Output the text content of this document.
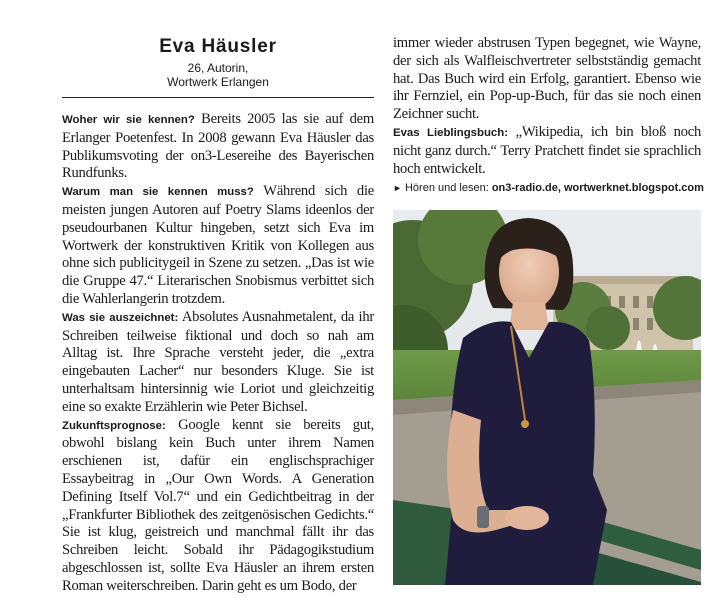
Eva Häusler
26, Autorin,
Wortwerk Erlangen

Woher wir sie kennen? Bereits 2005 las sie auf dem Erlanger Poetenfest. In 2008 gewann Eva Häusler das Publikumsvoting der on3-Lesereihe des Bayerischen Rundfunks.

Warum man sie kennen muss? Während sich die meisten jungen Autoren auf Poetry Slams ideenlos der pseudourbanen Kultur hingeben, setzt sich Eva im Wortwerk der konstruktiven Kritik von Kollegen aus ohne sich publicitygeil in Szene zu setzen. „Das ist wie die Gruppe 47.“ Literarischen Snobismus verbittet sich die Wahlerlangerin trotzdem.

Was sie auszeichnet: Absolutes Ausnahmetalent, da ihr Schreiben teilweise fiktional und doch so nah am Alltag ist. Ihre Sprache versteht jeder, die „extra eingebauten Lacher“ nur besonders Kluge. Sie ist unterhaltsam hintersinnig wie Loriot und gleichzeitig eine so exakte Erzählerin wie Peter Bichsel.

Zukunftsprognose: Google kennt sie bereits gut, obwohl bislang kein Buch unter ihrem Namen erschienen ist, dafür ein englischsprachiger Essaybeitrag in „Our Own Words. A Generation Defining Itself Vol.7“ und ein Gedichtbeitrag in der „Frankfurter Bibliothek des zeitgenösischen Gedichts.“ Sie ist klug, geistreich und manchmal fällt ihr das Schreiben leicht. Sobald ihr Pädagogikstudium abgeschlossen ist, sollte Eva Häusler an ihrem ersten Roman weiterschreiben. Darin geht es um Bodo, der

immer wieder abstrusen Typen begegnet, wie Wayne, der sich als Walfleischvertreter selbstständig gemacht hat. Das Buch wird ein Erfolg, garantiert. Ebenso wie ihr Fernziel, ein Pop-up-Buch, für das sie noch einen Zeichner sucht.

Evas Lieblingsbuch: „Wikipedia, ich bin bloß noch nicht ganz durch.“ Terry Pratchett findet sie sprachlich hoch entwickelt.

► Hören und lesen: on3-radio.de, wortwerknet.blogspot.com
